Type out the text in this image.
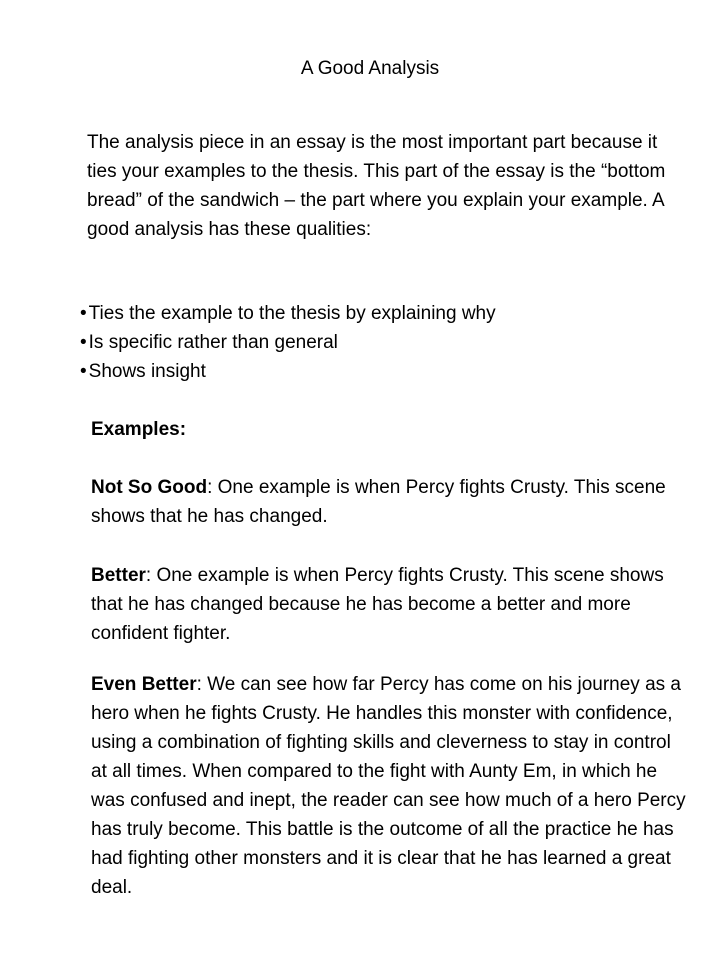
A Good Analysis

The analysis piece in an essay is the most important part because it ties your examples to the thesis. This part of the essay is the “bottom bread” of the sandwich – the part where you explain your example. A good analysis has these qualities:

• Ties the example to the thesis by explaining why
• Is specific rather than general
• Shows insight
Examples:

Not So Good: One example is when Percy fights Crusty. This scene shows that he has changed.

Better: One example is when Percy fights Crusty. This scene shows that he has changed because he has become a better and more confident fighter.

Even Better: We can see how far Percy has come on his journey as a hero when he fights Crusty. He handles this monster with confidence, using a combination of fighting skills and cleverness to stay in control at all times. When compared to the fight with Aunty Em, in which he was confused and inept, the reader can see how much of a hero Percy has truly become. This battle is the outcome of all the practice he has had fighting other monsters and it is clear that he has learned a great deal.
